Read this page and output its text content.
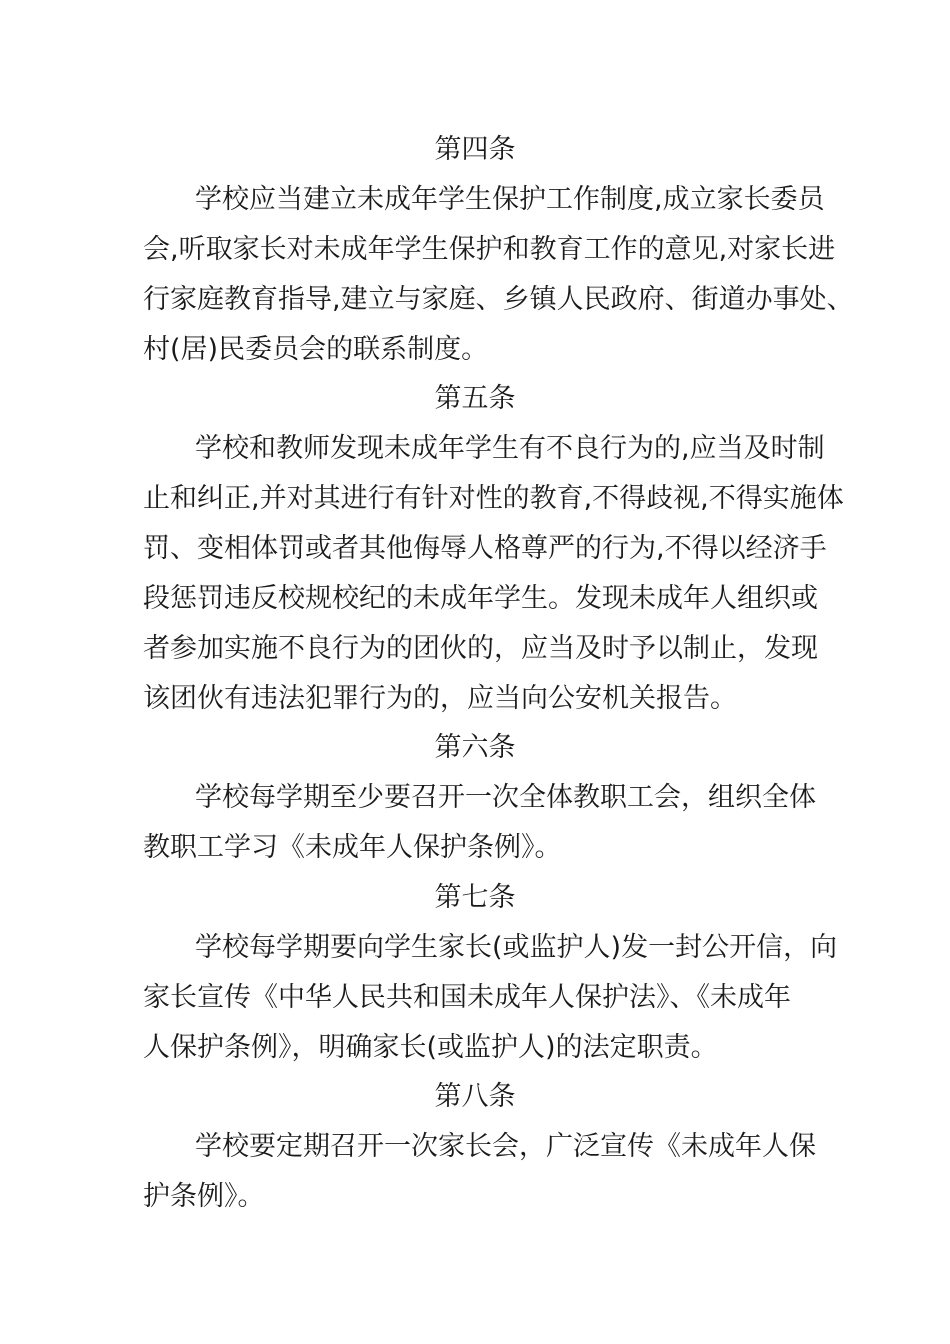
第四条
学校应当建立未成年学生保护工作制度,成立家长委员
会,听取家长对未成年学生保护和教育工作的意见,对家长进
行家庭教育指导,建立与家庭、乡镇人民政府、街道办事处、
村(居)民委员会的联系制度。
第五条
学校和教师发现未成年学生有不良行为的,应当及时制
止和纠正,并对其进行有针对性的教育,不得歧视,不得实施体
罚、变相体罚或者其他侮辱人格尊严的行为,不得以经济手
段惩罚违反校规校纪的未成年学生。发现未成年人组织或
者参加实施不良行为的团伙的，应当及时予以制止，发现
该团伙有违法犯罪行为的，应当向公安机关报告。
第六条
学校每学期至少要召开一次全体教职工会，组织全体
教职工学习《未成年人保护条例》。
第七条
学校每学期要向学生家长(或监护人)发一封公开信，向
家长宣传《中华人民共和国未成年人保护法》、《未成年
人保护条例》，明确家长(或监护人)的法定职责。
第八条
学校要定期召开一次家长会，广泛宣传《未成年人保
护条例》。
